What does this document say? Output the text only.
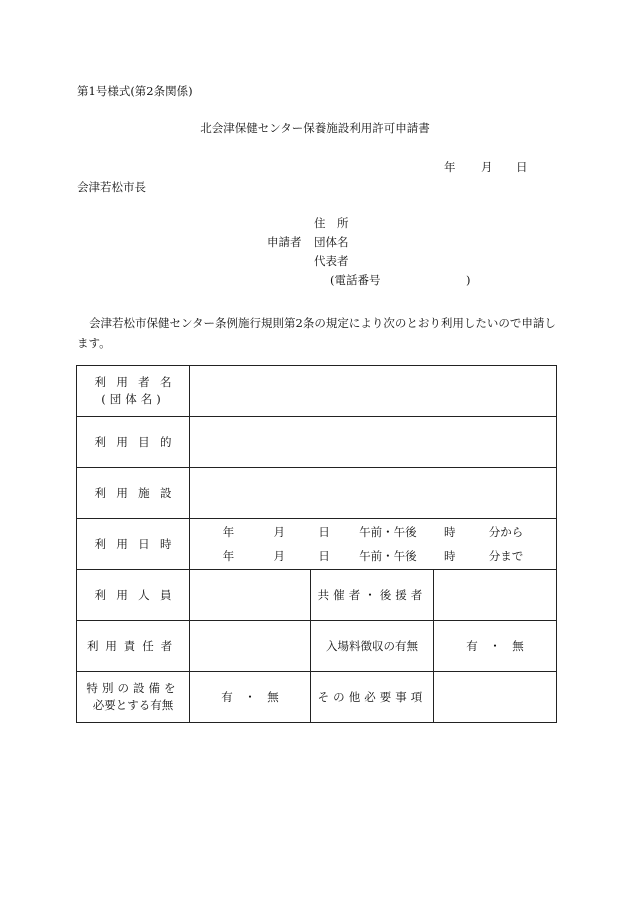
第1号様式(第2条関係)
北会津保健センター保養施設利用許可申請書
年 月 日
会津若松市長
住　所
申請者 団体名
代表者
(電話番号	)
会津若松市保健センター条例施行規則第2条の規定により次のとおり利用したいので申請します。
利用者名
(団体名)			
利用目的			
利用施設			
利用日時	年 月 日 午前・午後 時 分から
年 月 日 午前・午後 時 分まで		

利用人員		共催者・後援者	
利用責任者		入場料徴収の有無	有　・　無
特別の設備を
必要とする有無	有　・　無	その他必要事項	
